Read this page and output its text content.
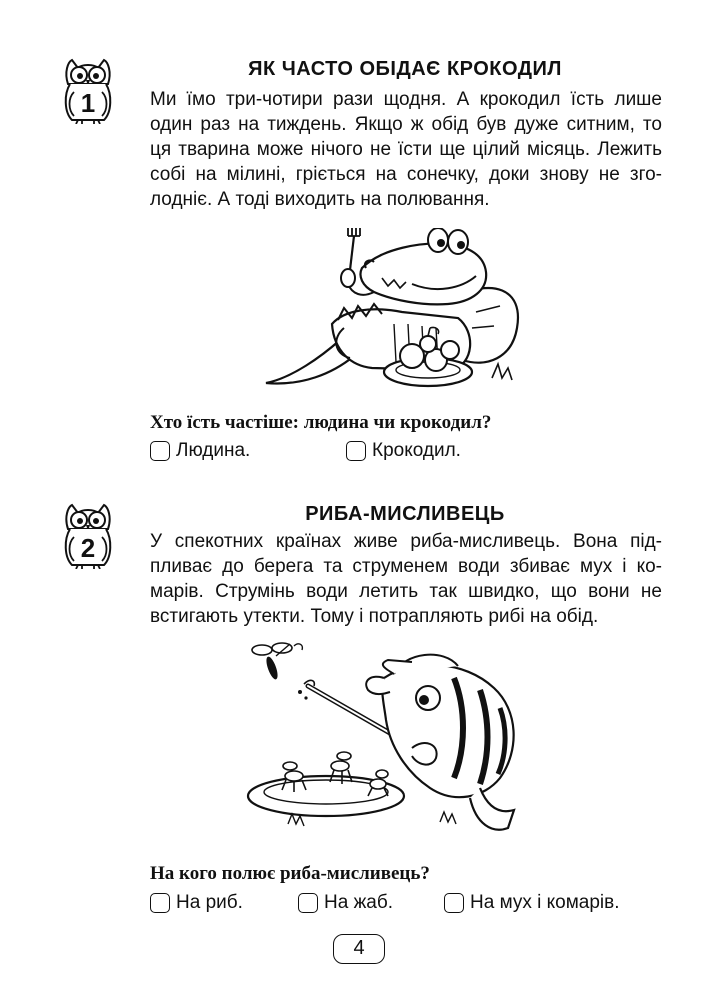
1
ЯК ЧАСТО ОБІДАЄ КРОКОДИЛ
Ми їмо три-чотири рази щодня. А крокодил їсть лише
один раз на тиждень. Якщо ж обід був дуже ситним, то
ця тварина може нічого не їсти ще цілий місяць. Лежить
собі на мілині, гріється на сонечку, доки знову не зго-
лодніє. А тоді виходить на полювання.
Хто їсть частіше: людина чи крокодил?
Людина.	Крокодил.
2
РИБА-МИСЛИВЕЦЬ
У спекотних країнах живе риба-мисливець. Вона під-
пливає до берега та струменем води збиває мух і ко-
марів. Струмінь води летить так швидко, що вони не
встигають утекти. Тому і потрапляють рибі на обід.
На кого полює риба-мисливець?
На риб.	На жаб.	На мух і комарів.
4
